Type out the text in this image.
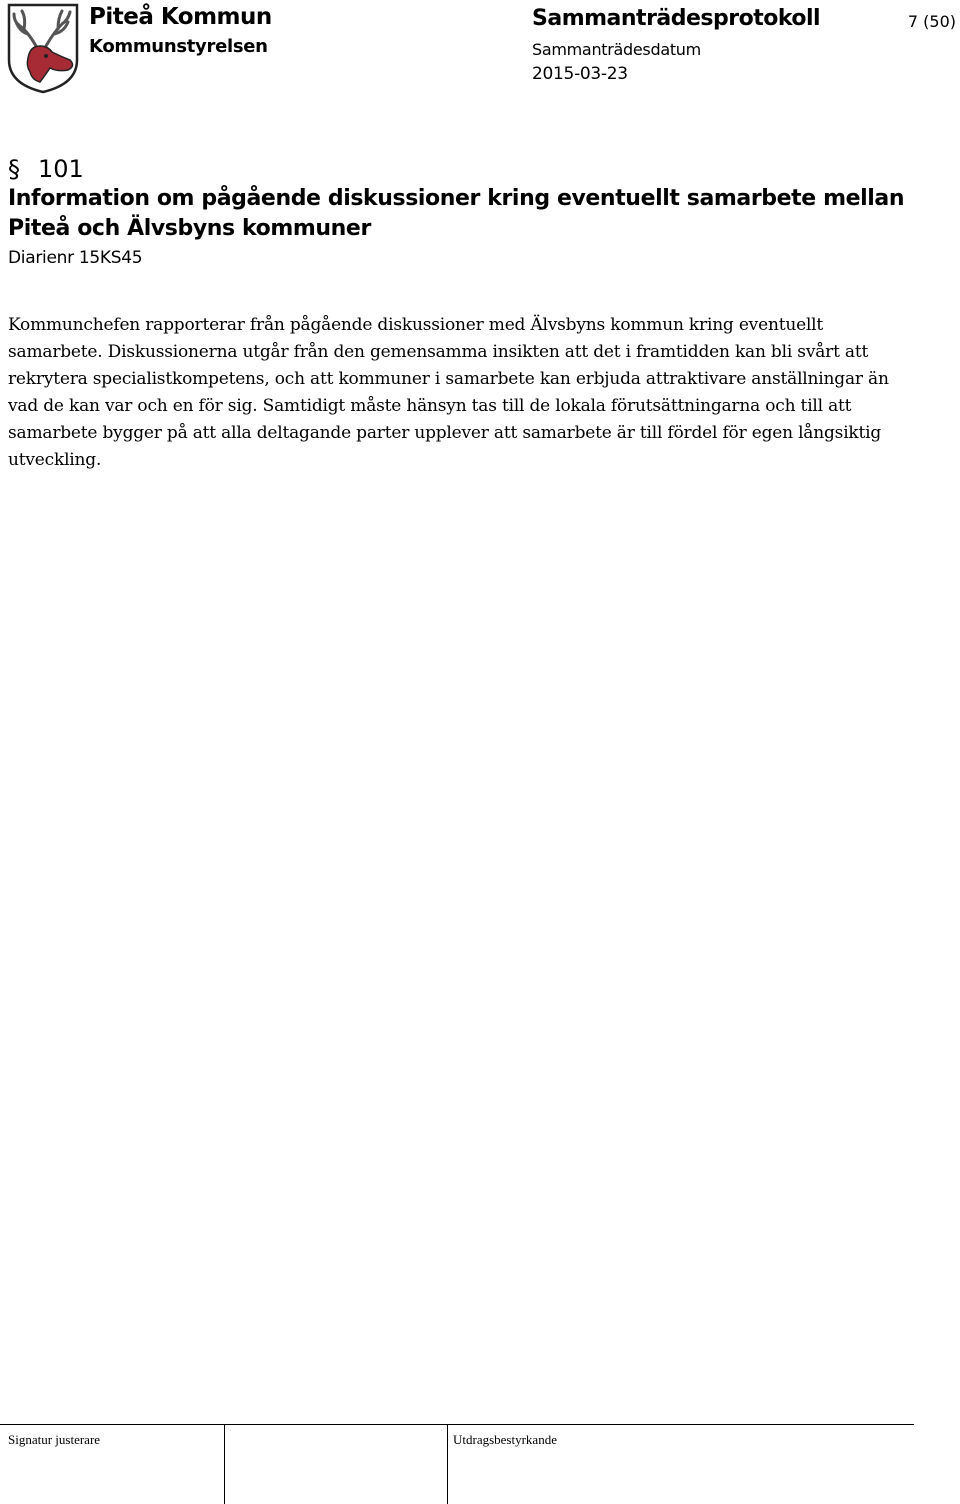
Piteå Kommun
Kommunstyrelsen
Sammanträdesprotokoll
Sammanträdesdatum
2015-03-23
7 (50)
§ 101
Information om pågående diskussioner kring eventuellt samarbete mellan Piteå och Älvsbyns kommuner
Diarienr 15KS45

Kommunchefen rapporterar från pågående diskussioner med Älvsbyns kommun kring eventuellt samarbete. Diskussionerna utgår från den gemensamma insikten att det i framtidden kan bli svårt att rekrytera specialistkompetens, och att kommuner i samarbete kan erbjuda attraktivare anställningar än vad de kan var och en för sig. Samtidigt måste hänsyn tas till de lokala förutsättningarna och till att samarbete bygger på att alla deltagande parter upplever att samarbete är till fördel för egen långsiktig utveckling.

Signatur justerare	Utdragsbestyrkande
